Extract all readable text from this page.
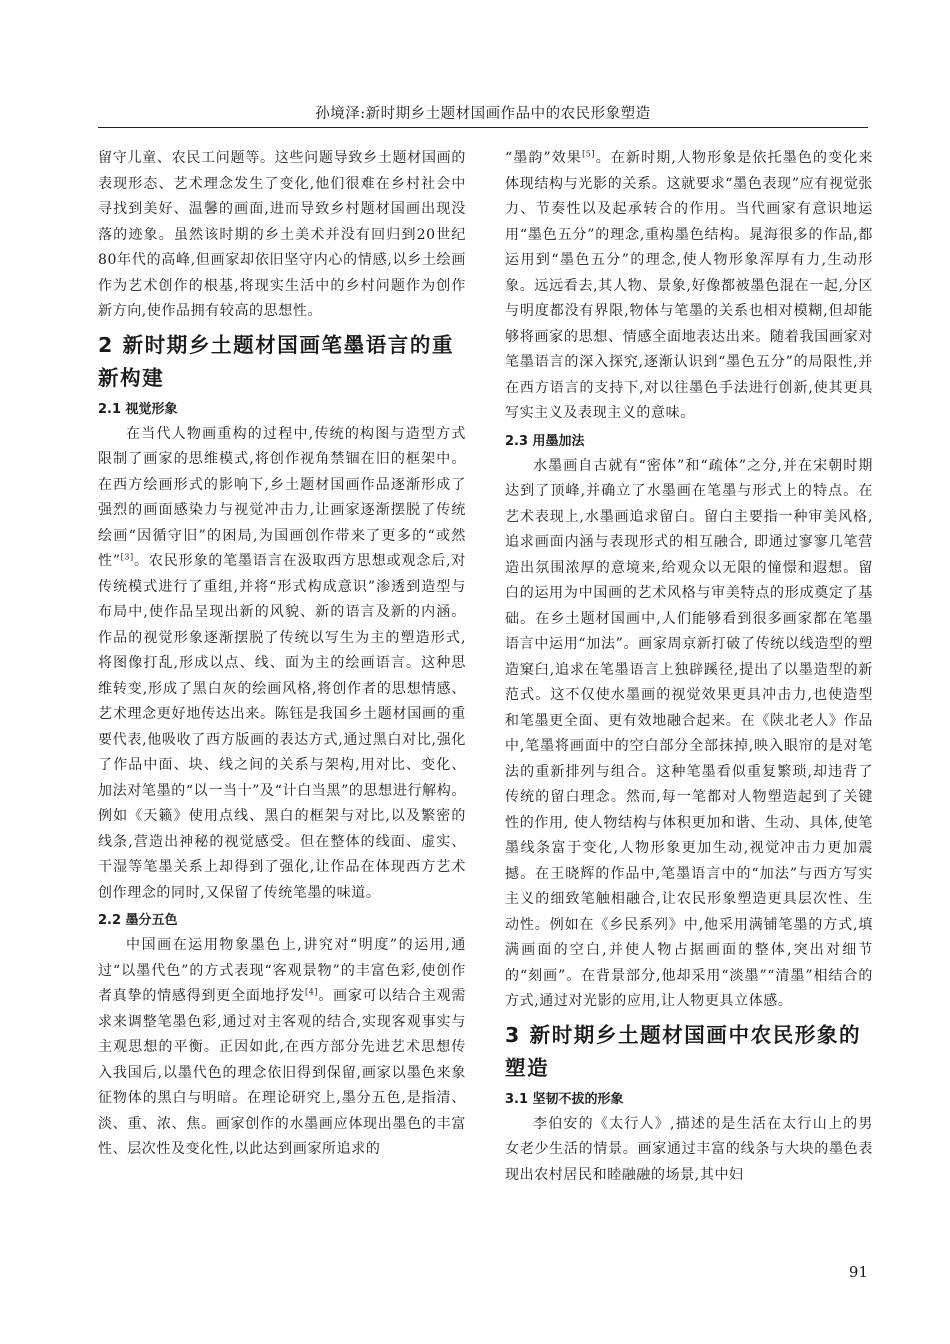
孙境泽:新时期乡土题材国画作品中的农民形象塑造

留守儿童、农民工问题等。这些问题导致乡土题材国画的表现形态、艺术理念发生了变化,他们很难在乡村社会中寻找到美好、温馨的画面,进而导致乡村题材国画出现没落的迹象。虽然该时期的乡土美术并没有回归到20世纪80年代的高峰,但画家却依旧坚守内心的情感,以乡土绘画作为艺术创作的根基,将现实生活中的乡村问题作为创作新方向,使作品拥有较高的思想性。

2 新时期乡土题材国画笔墨语言的重新构建
2.1 视觉形象

在当代人物画重构的过程中,传统的构图与造型方式限制了画家的思维模式,将创作视角禁锢在旧的框架中。在西方绘画形式的影响下,乡土题材国画作品逐渐形成了强烈的画面感染力与视觉冲击力,让画家逐渐摆脱了传统绘画“因循守旧”的困局,为国画创作带来了更多的“或然性”[3]。农民形象的笔墨语言在汲取西方思想或观念后,对传统模式进行了重组,并将“形式构成意识”渗透到造型与布局中,使作品呈现出新的风貌、新的语言及新的内涵。作品的视觉形象逐渐摆脱了传统以写生为主的塑造形式,将图像打乱,形成以点、线、面为主的绘画语言。这种思维转变,形成了黑白灰的绘画风格,将创作者的思想情感、艺术理念更好地传达出来。陈钰是我国乡土题材国画的重要代表,他吸收了西方版画的表达方式,通过黑白对比,强化了作品中面、块、线之间的关系与架构,用对比、变化、加法对笔墨的“以一当十”及“计白当黑”的思想进行解构。例如《天籁》使用点线、黑白的框架与对比,以及繁密的线条,营造出神秘的视觉感受。但在整体的线面、虚实、干湿等笔墨关系上却得到了强化,让作品在体现西方艺术创作理念的同时,又保留了传统笔墨的味道。

2.2 墨分五色

中国画在运用物象墨色上,讲究对“明度”的运用,通过“以墨代色”的方式表现“客观景物”的丰富色彩,使创作者真挚的情感得到更全面地抒发[4]。画家可以结合主观需求来调整笔墨色彩,通过对主客观的结合,实现客观事实与主观思想的平衡。正因如此,在西方部分先进艺术思想传入我国后,以墨代色的理念依旧得到保留,画家以墨色来象征物体的黑白与明暗。在理论研究上,墨分五色,是指清、淡、重、浓、焦。画家创作的水墨画应体现出墨色的丰富性、层次性及变化性,以此达到画家所追求的

“墨韵”效果[5]。在新时期,人物形象是依托墨色的变化来体现结构与光影的关系。这就要求“墨色表现”应有视觉张力、节奏性以及起承转合的作用。当代画家有意识地运用“墨色五分”的理念,重构墨色结构。晁海很多的作品,都运用到“墨色五分”的理念,使人物形象浑厚有力,生动形象。远远看去,其人物、景象,好像都被墨色混在一起,分区与明度都没有界限,物体与笔墨的关系也相对模糊,但却能够将画家的思想、情感全面地表达出来。随着我国画家对笔墨语言的深入探究,逐渐认识到“墨色五分”的局限性,并在西方语言的支持下,对以往墨色手法进行创新,使其更具写实主义及表现主义的意味。

2.3 用墨加法

水墨画自古就有“密体”和“疏体”之分,并在宋朝时期达到了顶峰,并确立了水墨画在笔墨与形式上的特点。在艺术表现上,水墨画追求留白。留白主要指一种审美风格,追求画面内涵与表现形式的相互融合, 即通过寥寥几笔营造出氛围浓厚的意境来,给观众以无限的憧憬和遐想。留白的运用为中国画的艺术风格与审美特点的形成奠定了基础。在乡土题材国画中,人们能够看到很多画家都在笔墨语言中运用“加法”。画家周京新打破了传统以线造型的塑造窠臼,追求在笔墨语言上独辟蹊径,提出了以墨造型的新范式。这不仅使水墨画的视觉效果更具冲击力,也使造型和笔墨更全面、更有效地融合起来。在《陕北老人》作品中,笔墨将画面中的空白部分全部抹掉,映入眼帘的是对笔法的重新排列与组合。这种笔墨看似重复繁琐,却违背了传统的留白理念。然而,每一笔都对人物塑造起到了关键性的作用, 使人物结构与体积更加和谐、生动、具体,使笔墨线条富于变化,人物形象更加生动,视觉冲击力更加震撼。在王晓辉的作品中,笔墨语言中的“加法”与西方写实主义的细致笔触相融合,让农民形象塑造更具层次性、生动性。例如在《乡民系列》中,他采用满铺笔墨的方式,填满画面的空白,并使人物占据画面的整体,突出对细节的“刻画”。在背景部分,他却采用“淡墨”“清墨”相结合的方式,通过对光影的应用,让人物更具立体感。

3 新时期乡土题材国画中农民形象的塑造
3.1 坚韧不拔的形象

李伯安的《太行人》,描述的是生活在太行山上的男女老少生活的情景。画家通过丰富的线条与大块的墨色表现出农村居民和睦融融的场景,其中妇

91
